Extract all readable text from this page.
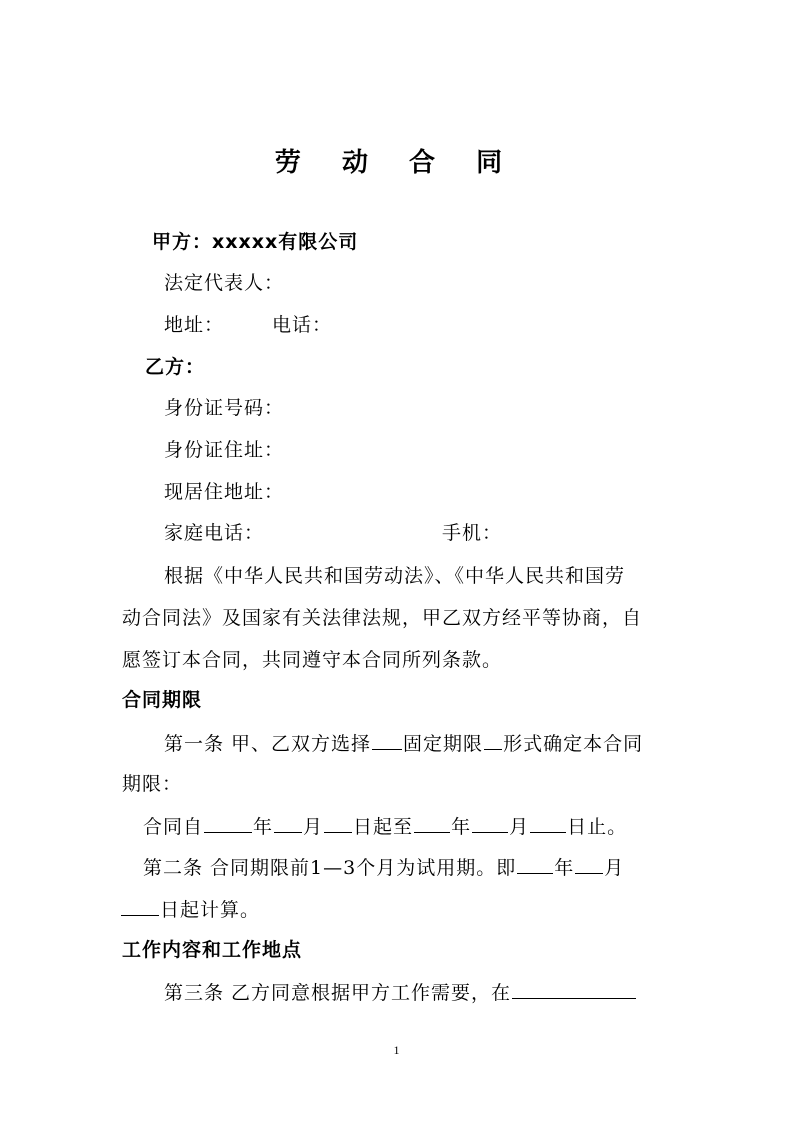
劳 动 合 同
甲方：xxxxx有限公司
法定代表人：
地址：	电话：
乙方：
身份证号码：
身份证住址：
现居住地址：
家庭电话：	手机：
根据《中华人民共和国劳动法》、《中华人民共和国劳
动合同法》及国家有关法律法规，甲乙双方经平等协商，自
愿签订本合同，共同遵守本合同所列条款。
合同期限
第一条 甲、乙双方选择 固定期限 形式确定本合同
期限：
合同自	年 月 日起至 年 月 日止。
第二条 合同期限前1—3个月为试用期。即 年 月
日起计算。
工作内容和工作地点
第三条 乙方同意根据甲方工作需要，在
1
